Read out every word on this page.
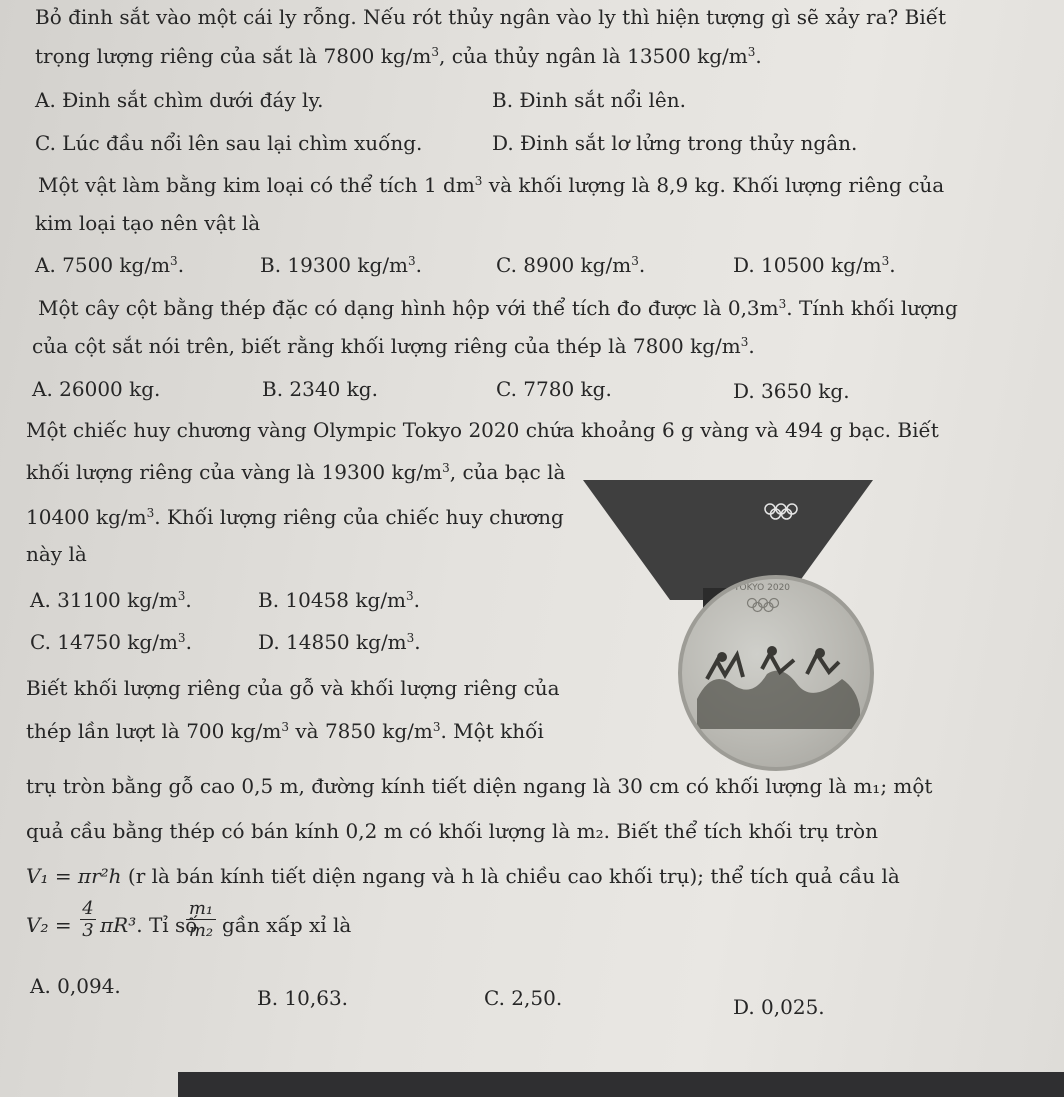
Bỏ đinh sắt vào một cái ly rỗng. Nếu rót thủy ngân vào ly thì hiện tượng gì sẽ xảy ra? Biết
trọng lượng riêng của sắt là 7800 $kg/m^3$, của thủy ngân là 13500 $kg/m^3$.
A. Đinh sắt chìm dưới đáy ly.	B. Đinh sắt nổi lên.
C. Lúc đầu nổi lên sau lại chìm xuống.	D. Đinh sắt lơ lửng trong thủy ngân.
Một vật làm bằng kim loại có thể tích 1 $dm^3$ và khối lượng là 8,9 kg. Khối lượng riêng của
kim loại tạo nên vật là
A. 7500 $kg/m^3$.	B. 19300 $kg/m^3$.	C. 8900 $kg/m^3$.	D. 10500 $kg/m^3$.
Một cây cột bằng thép đặc có dạng hình hộp với thể tích đo được là $0,3m^3$. Tính khối lượng
của cột sắt nói trên, biết rằng khối lượng riêng của thép là 7800 $kg/m^3$.
A. 26000 kg.	B. 2340 kg.	C. 7780 kg.	D. 3650 kg.
Một chiếc huy chương vàng Olympic Tokyo 2020 chứa khoảng 6 g vàng và 494 g bạc. Biết
khối lượng riêng của vàng là 19300 $kg/m^3$, của bạc là
10400 $kg/m^3$. Khối lượng riêng của chiếc huy chương
này là
A. 31100 $kg/m^3$.	B. 10458 $kg/m^3$.
C. 14750 $kg/m^3$.	D. 14850 $kg/m^3$.
TOKYO 2020
Biết khối lượng riêng của gỗ và khối lượng riêng của
thép lần lượt là 700 $kg/m^3$ và 7850 $kg/m^3$. Một khối
trụ tròn bằng gỗ cao 0,5 m, đường kính tiết diện ngang là 30 cm có khối lượng là m₁; một
quả cầu bằng thép có bán kính 0,2 m có khối lượng là m₂. Biết thể tích khối trụ tròn
V₁ = πr²h (r là bán kính tiết diện ngang và h là chiều cao khối trụ); thể tích quả cầu là
$V_2 = \frac{4}{3} \pi R^3$. Tỉ số
$\frac{\text{m₁}}{\text{m₂}}$ gần xấp xỉ là
A. 0,094.	B. 10,63.	C. 2,50.	D. 0,025.
